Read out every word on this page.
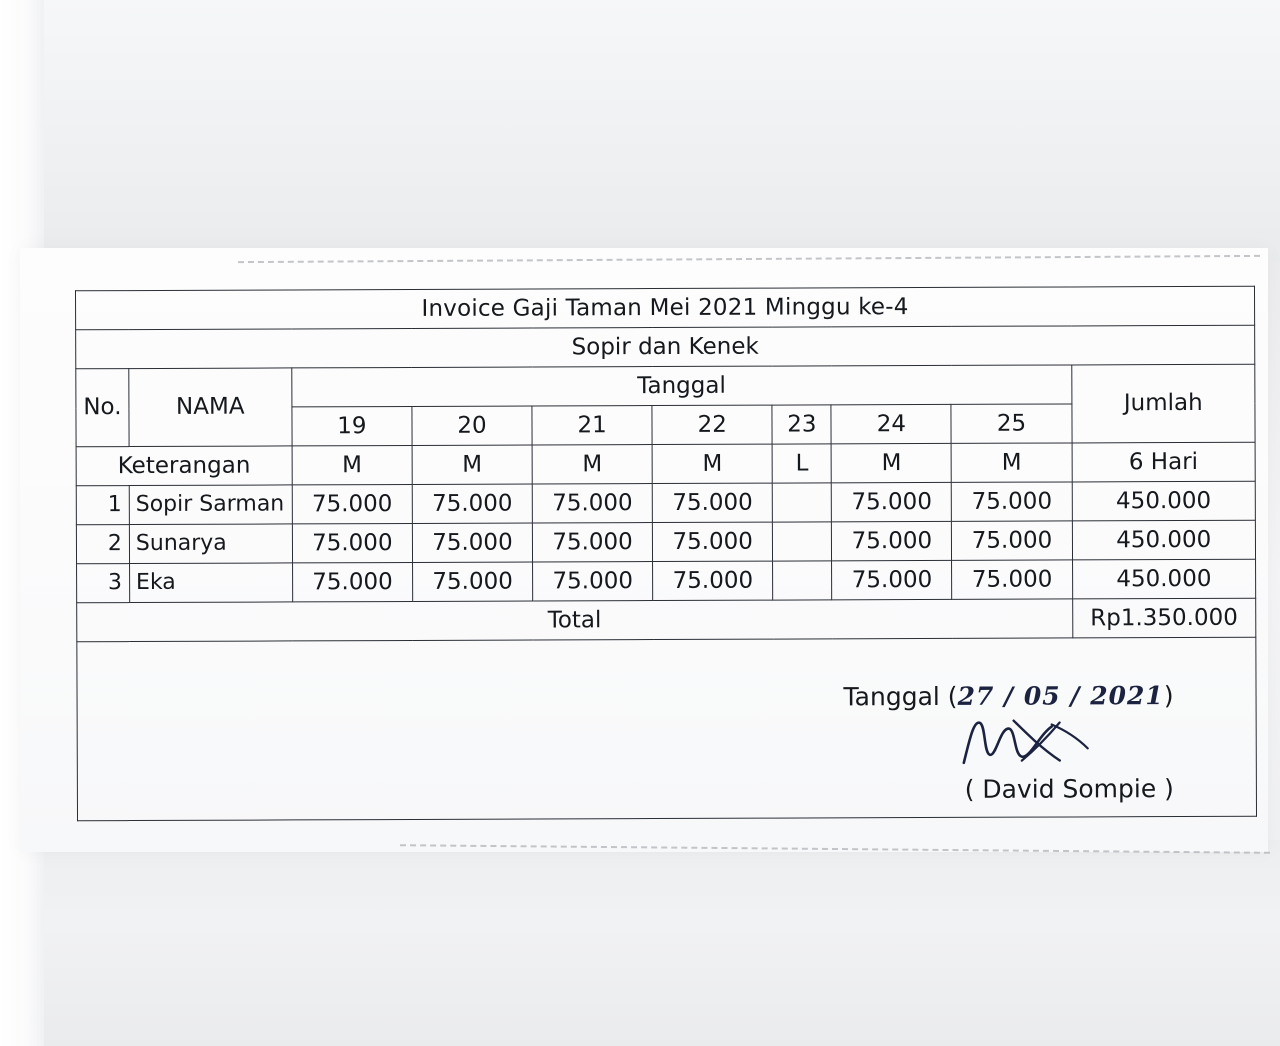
Invoice Gaji Taman Mei 2021 Minggu ke-4									
Sopir dan Kenek									
No.	NAMA	Tanggal							Jumlah
		19	20	21	22	23	24	25	
Keterangan		M	M	M	M	L	M	M	6 Hari
1	Sopir Sarman	75.000	75.000	75.000	75.000		75.000	75.000	450.000
2	Sunarya	75.000	75.000	75.000	75.000		75.000	75.000	450.000
3	Eka	75.000	75.000	75.000	75.000		75.000	75.000	450.000
Total									Rp1.350.000

Tanggal (27 / 05 / 2021)
( David Sompie )									
